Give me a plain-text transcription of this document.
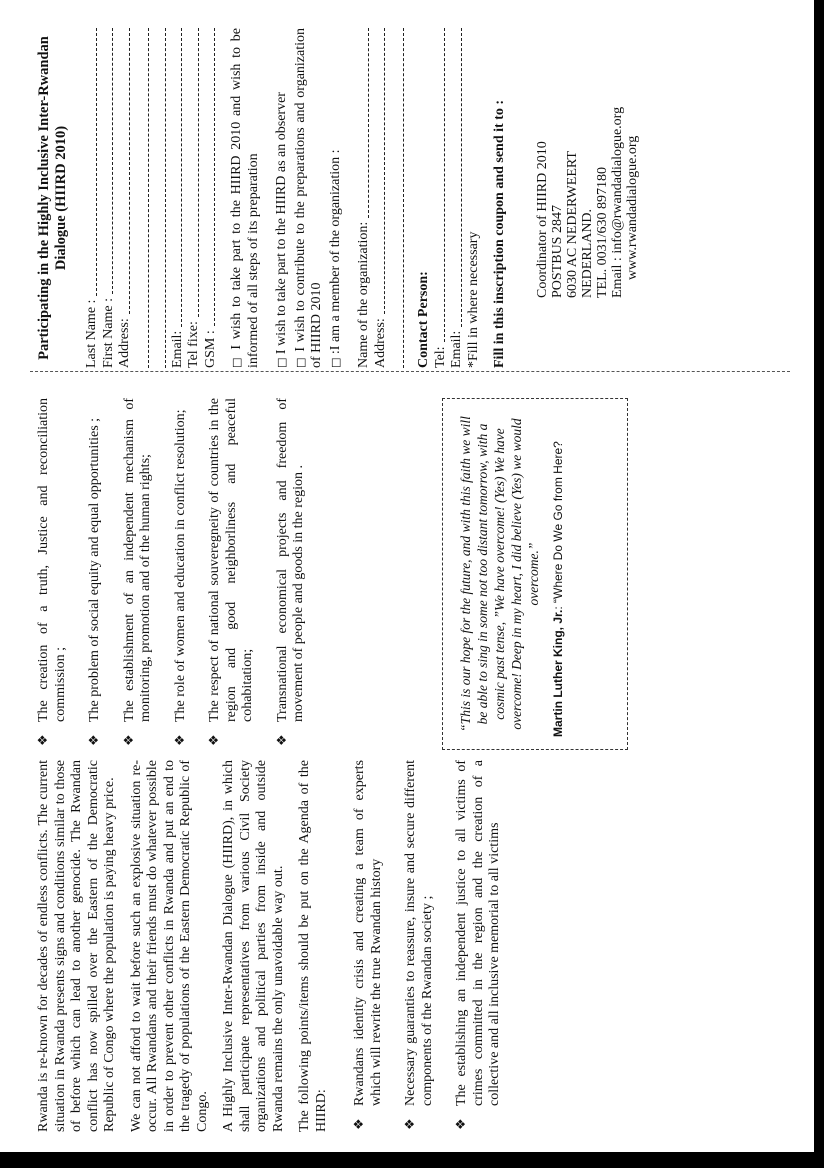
Rwanda is re-known for decades of endless conflicts. The current situation in Rwanda presents signs and conditions similar to those of before which can lead to another genocide. The Rwandan conflict has now spilled over the Eastern of the Democratic Republic of Congo where the population is paying heavy price. We can not afford to wait before such an explosive situation re-occur. All Rwandans and their friends must do whatever possible in order to prevent other conflicts in Rwanda and put an end to the tragedy of populations of the Eastern Democratic Republic of Congo. A Highly Inclusive Inter-Rwandan Dialogue (HIIRD), in which shall participate representatives from various Civil Society organizations and political parties from inside and outside Rwanda remains the only unavoidable way out. The following points/items should be put on the Agenda of the HIIRD: ❖
Rwandans identity crisis and creating a team of experts which will rewrite the true Rwandan history
❖
Necessary guaranties to reassure, insure and secure different components of the Rwandan society ;
❖
The establishing an independent justice to all victims of crimes committed in the region and the creation of a collective and all inclusive memorial to all victims
❖
The creation of a truth, Justice and reconciliation commission ;
❖
The problem of social equity and equal opportunities ;
❖
The establishment of an independent mechanism of monitoring, promotion and of the human rights;
❖
The role of women and education in conflict resolution;
❖
The respect of national souveregneity of countries in the region and good neighborliness and peaceful cohabitation;
❖
Transnational economical projects and freedom of movement of people and goods in the region .	“This is our hope for the future, and with this faith we will be able to sing in some not too distant tomorrow, with a cosmic past tense, ”We have overcome! (Yes) We have overcome! Deep in my heart, I did believe (Yes) we would overcome.”
Martin Luther King, Jr.: “Where Do We Go from Here?
Participating in the Highly Inclusive Inter-Rwandan Dialogue (HIIRD 2010)
Last Name : First Name : Address:	Email: Tel fixe: GSM : □ I wish to take part to the HIIRD 2010 and wish to be informed of all steps of its preparation □ I wish to take part to the HIIRD as an observer
□ I wish to contribute to the preparations and organization of HIIRD 2010 □ :I am a member of the organization : Name of the organization: Address: Contact Person: Tel: Email: *Fill in where necessary Fill in this inscription coupon and send it to : Coordinator of HIIRD 2010 POSTBUS 2847 6030 AC NEDERWEERT NEDERLAND. TEL. 0031/630 897180 Email : info@rwandadialogue.org www.rwandadialogue.org
